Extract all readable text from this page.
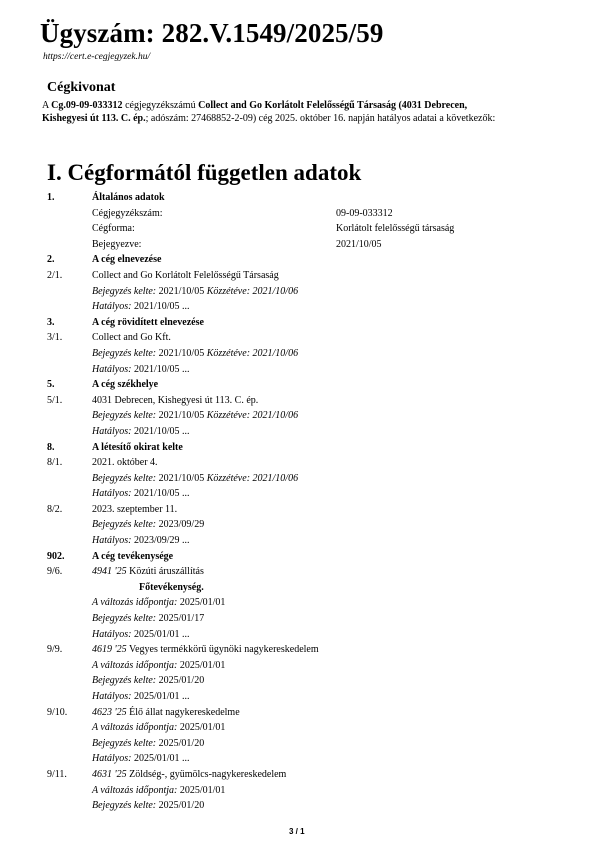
Ügyszám: 282.V.1549/2025/59
https://cert.e-cegjegyzek.hu/
Cégkivonat
A Cg.09-09-033312 cégjegyzékszámú Collect and Go Korlátolt Felelősségű Társaság (4031 Debrecen,
Kishegyesi út 113. C. ép.; adószám: 27468852-2-09) cég 2025. október 16. napján hatályos adatai a következők:
I. Cégformától független adatok
1.	Általános adatok
Cégjegyzékszám:	09-09-033312
Cégforma:	Korlátolt felelősségű társaság
Bejegyezve:	2021/10/05
2.	A cég elnevezése
2/1.	Collect and Go Korlátolt Felelősségű Társaság
Bejegyzés kelte: 2021/10/05 Közzétéve: 2021/10/06
Hatályos: 2021/10/05 ...
3.	A cég rövidített elnevezése
3/1.	Collect and Go Kft.
Bejegyzés kelte: 2021/10/05 Közzétéve: 2021/10/06
Hatályos: 2021/10/05 ...
5.	A cég székhelye
5/1.	4031 Debrecen, Kishegyesi út 113. C. ép.
Bejegyzés kelte: 2021/10/05 Közzétéve: 2021/10/06
Hatályos: 2021/10/05 ...
8.	A létesítő okirat kelte
8/1.	2021. október 4.
Bejegyzés kelte: 2021/10/05 Közzétéve: 2021/10/06
Hatályos: 2021/10/05 ...
8/2.	2023. szeptember 11.
Bejegyzés kelte: 2023/09/29
Hatályos: 2023/09/29 ...
902.	A cég tevékenysége
9/6.	4941 '25 Közúti áruszállítás
Főtevékenység.
A változás időpontja: 2025/01/01
Bejegyzés kelte: 2025/01/17
Hatályos: 2025/01/01 ...
9/9.	4619 '25 Vegyes termékkörű ügynöki nagykereskedelem
A változás időpontja: 2025/01/01
Bejegyzés kelte: 2025/01/20
Hatályos: 2025/01/01 ...
9/10. 4623 '25 Élő állat nagykereskedelme
A változás időpontja: 2025/01/01
Bejegyzés kelte: 2025/01/20
Hatályos: 2025/01/01 ...
9/11.	4631 '25 Zöldség-, gyümölcs-nagykereskedelem
A változás időpontja: 2025/01/01
Bejegyzés kelte: 2025/01/20
3 / 1
